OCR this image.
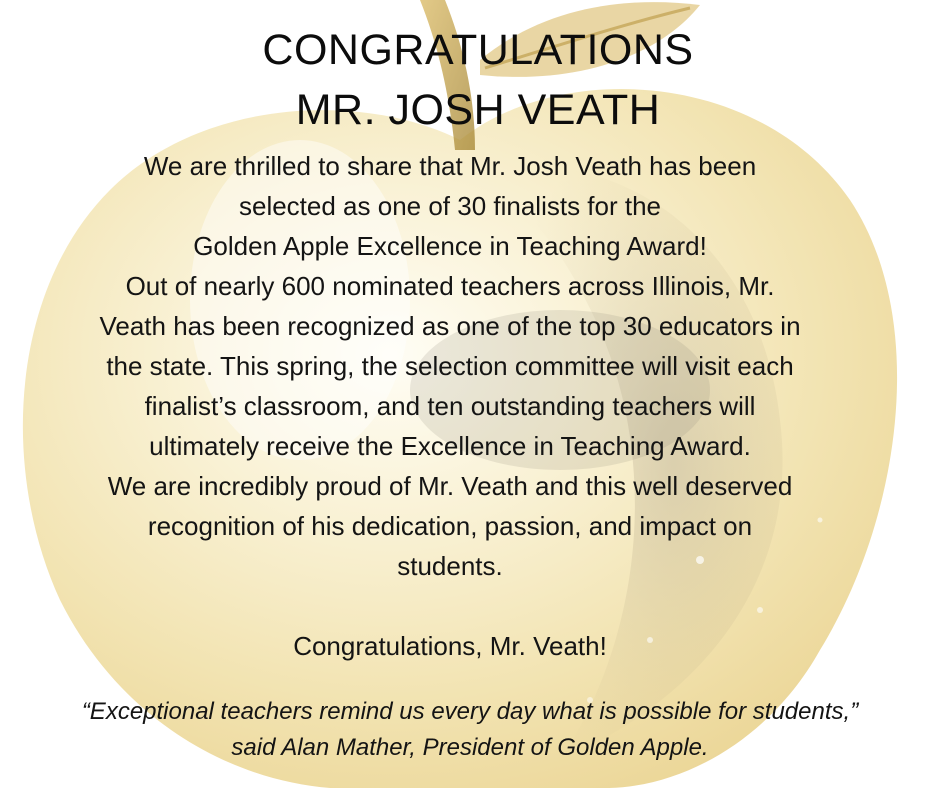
CONGRATULATIONS
MR. JOSH VEATH
We are thrilled to share that Mr. Josh Veath has been
selected as one of 30 finalists for the
Golden Apple Excellence in Teaching Award!
Out of nearly 600 nominated teachers across Illinois, Mr.
Veath has been recognized as one of the top 30 educators in
the state. This spring, the selection committee will visit each
finalist’s classroom, and ten outstanding teachers will
ultimately receive the Excellence in Teaching Award.
We are incredibly proud of Mr. Veath and this well deserved
recognition of his dedication, passion, and impact on
students.
Congratulations, Mr. Veath!
“Exceptional teachers remind us every day what is possible for students,”
said Alan Mather, President of Golden Apple.
